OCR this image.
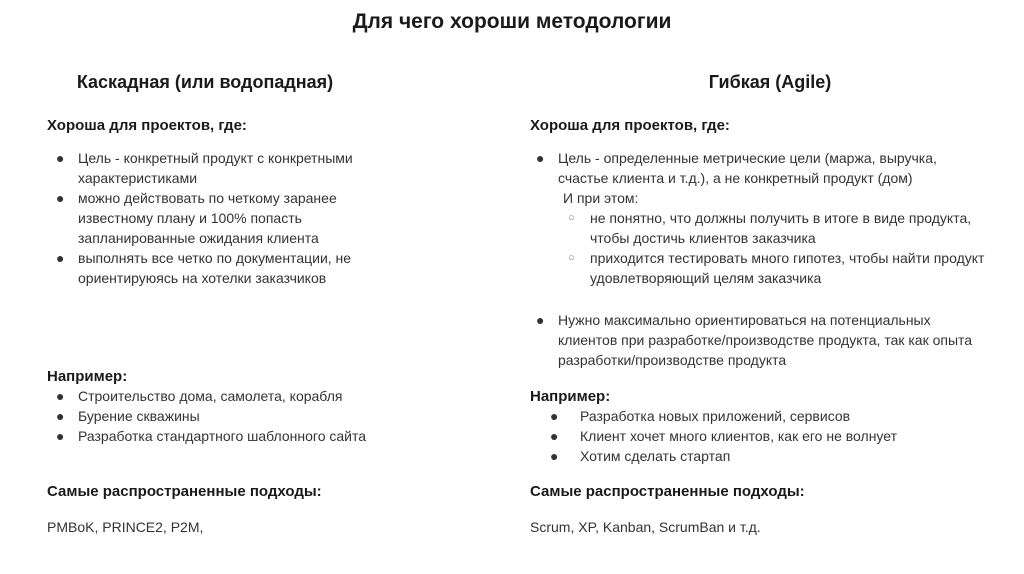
Для чего хороши методологии
Каскадная (или водопадная)
Хороша для проектов, где:
● Цель - конкретный продукт с конкретными характеристиками
● можно действовать по четкому заранее известному плану и 100% попасть запланированные ожидания клиента
● выполнять все четко по документации, не ориентируюясь на хотелки заказчиков
Например:
● Строительство дома, самолета, корабля
● Бурение скважины
● Разработка стандартного шаблонного сайта
Самые распространенные подходы:
PMBoK, PRINCE2, P2M,
Гибкая (Agile)
Хороша для проектов, где:
● Цель - определенные метрические цели (маржа, выручка, счастье клиента и т.д.), а не конкретный продукт (дом)
И при этом:
○ не понятно, что должны получить в итоге в виде продукта, чтобы достичь клиентов заказчика
○ приходится тестировать много гипотез, чтобы найти продукт удовлетворяющий целям заказчика
● Нужно максимально ориентироваться на потенциальных клиентов при разработке/производстве продукта, так как опыта разработки/производстве продукта
Например:
● Разработка новых приложений, сервисов
● Клиент хочет много клиентов, как его не волнует
● Хотим сделать стартап
Самые распространенные подходы:
Scrum, XP, Kanban, ScrumBan и т.д.
